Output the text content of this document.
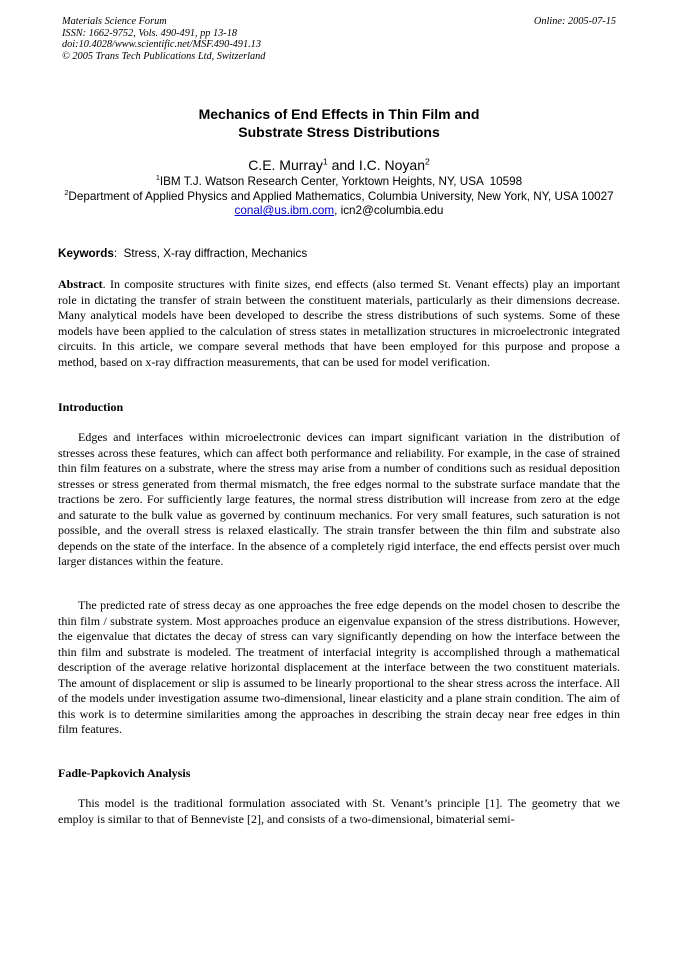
Materials Science Forum
ISSN: 1662-9752, Vols. 490-491, pp 13-18
doi:10.4028/www.scientific.net/MSF.490-491.13
© 2005 Trans Tech Publications Ltd, Switzerland
Online: 2005-07-15
Mechanics of End Effects in Thin Film and
Substrate Stress Distributions
C.E. Murray$^1$ and I.C. Noyan$^2$
$^1$IBM T.J. Watson Research Center, Yorktown Heights, NY, USA  10598
$^2$Department of Applied Physics and Applied Mathematics, Columbia University, New York, NY, USA 10027
conal@us.ibm.com, icn2@columbia.edu
Keywords:  Stress, X-ray diffraction, Mechanics
Abstract. In composite structures with finite sizes, end effects (also termed St. Venant effects) play an important role in dictating the transfer of strain between the constituent materials, particularly as their dimensions decrease. Many analytical models have been developed to describe the stress distributions of such systems. Some of these models have been applied to the calculation of stress states in metallization structures in microelectronic integrated circuits. In this article, we compare several methods that have been employed for this purpose and propose a method, based on x-ray diffraction measurements, that can be used for model verification.
Introduction
Edges and interfaces within microelectronic devices can impart significant variation in the distribution of stresses across these features, which can affect both performance and reliability. For example, in the case of strained thin film features on a substrate, where the stress may arise from a number of conditions such as residual deposition stresses or stress generated from thermal mismatch, the free edges normal to the substrate surface mandate that the tractions be zero. For sufficiently large features, the normal stress distribution will increase from zero at the edge and saturate to the bulk value as governed by continuum mechanics. For very small features, such saturation is not possible, and the overall stress is relaxed elastically. The strain transfer between the thin film and substrate also depends on the state of the interface. In the absence of a completely rigid interface, the end effects persist over much larger distances within the feature.
The predicted rate of stress decay as one approaches the free edge depends on the model chosen to describe the thin film / substrate system. Most approaches produce an eigenvalue expansion of the stress distributions. However, the eigenvalue that dictates the decay of stress can vary significantly depending on how the interface between the thin film and substrate is modeled. The treatment of interfacial integrity is accomplished through a mathematical description of the average relative horizontal displacement at the interface between the two constituent materials. The amount of displacement or slip is assumed to be linearly proportional to the shear stress across the interface. All of the models under investigation assume two-dimensional, linear elasticity and a plane strain condition. The aim of this work is to determine similarities among the approaches in describing the strain decay near free edges in thin film features.
Fadle-Papkovich Analysis
This model is the traditional formulation associated with St. Venant’s principle [1]. The geometry that we employ is similar to that of Benneviste [2], and consists of a two-dimensional, bimaterial semi-
